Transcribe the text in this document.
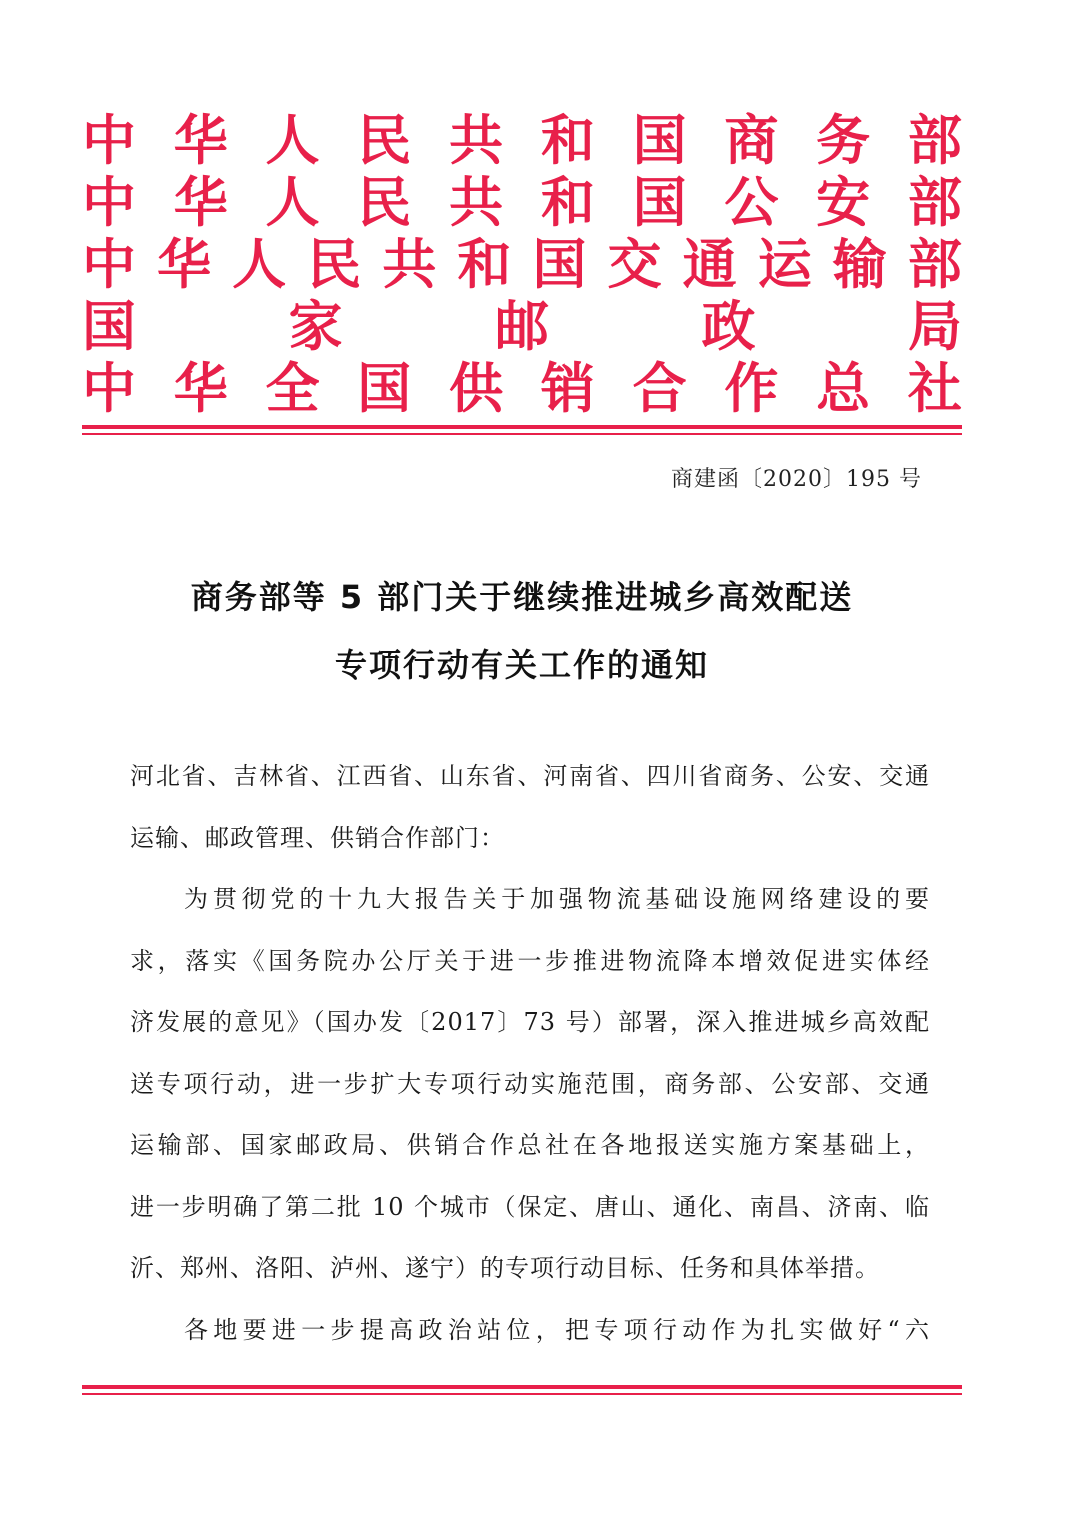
中 华 人 民 共 和 国 商 务 部
中 华 人 民 共 和 国 公 安 部
中 华 人 民 共 和 国 交 通 运 输 部
国	家	邮	政	局
中 华 全 国 供 销 合 作 总 社
商建函〔2020〕195 号
商务部等 5 部门关于继续推进城乡高效配送
专项行动有关工作的通知
河北省、吉林省、江西省、山东省、河南省、四川省商务、公安、交通
运输、邮政管理、供销合作部门：
为贯彻党的十九大报告关于加强物流基础设施网络建设的要
求，落实《国务院办公厅关于进一步推进物流降本增效促进实体经
济发展的意见》（国办发〔2017〕73 号）部署，深入推进城乡高效配
送专项行动，进一步扩大专项行动实施范围，商务部、公安部、交通
运输部、国家邮政局、供销合作总社在各地报送实施方案基础上，
进一步明确了第二批 10 个城市（保定、唐山、通化、南昌、济南、临
沂、郑州、洛阳、泸州、遂宁）的专项行动目标、任务和具体举措。
各地要进一步提高政治站位，把专项行动作为扎实做好“六
